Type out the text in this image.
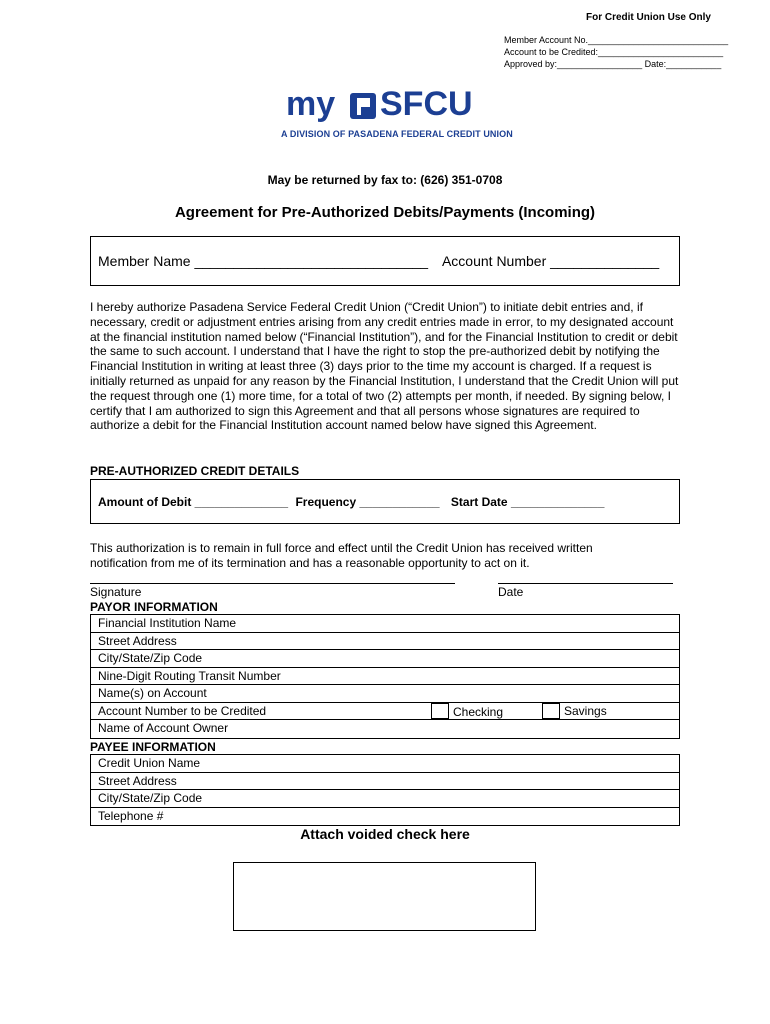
For Credit Union Use Only
Member Account No.____________________________
Account to be Credited:_________________________
Approved by:_________________ Date:___________
my SFCU
A DIVISION OF PASADENA FEDERAL CREDIT UNION
May be returned by fax to: (626) 351-0708
Agreement for Pre-Authorized Debits/Payments (Incoming)
Member Name ______________________________ Account Number ______________
I hereby authorize Pasadena Service Federal Credit Union (“Credit Union”) to initiate debit entries and, if necessary, credit or adjustment entries arising from any credit entries made in error, to my designated account at the financial institution named below (“Financial Institution”), and for the Financial Institution to credit or debit the same to such account. I understand that I have the right to stop the pre-authorized debit by notifying the Financial Institution in writing at least three (3) days prior to the time my account is charged. If a request is initially returned as unpaid for any reason by the Financial Institution, I understand that the Credit Union will put the request through one (1) more time, for a total of two (2) attempts per month, if needed. By signing below, I certify that I am authorized to sign this Agreement and that all persons whose signatures are required to authorize a debit for the Financial Institution account named below have signed this Agreement.
PRE-AUTHORIZED CREDIT DETAILS
Amount of Debit ______________ Frequency ____________ Start Date ______________
This authorization is to remain in full force and effect until the Credit Union has received written
notification from me of its termination and has a reasonable opportunity to act on it.
Signature	Date
PAYOR INFORMATION
Financial Institution Name
Street Address
City/State/Zip Code
Nine-Digit Routing Transit Number
Name(s) on Account
Account Number to be Credited	Checking	Savings
Name of Account Owner
PAYEE INFORMATION
Credit Union Name
Street Address
City/State/Zip Code
Telephone #
Attach voided check here
